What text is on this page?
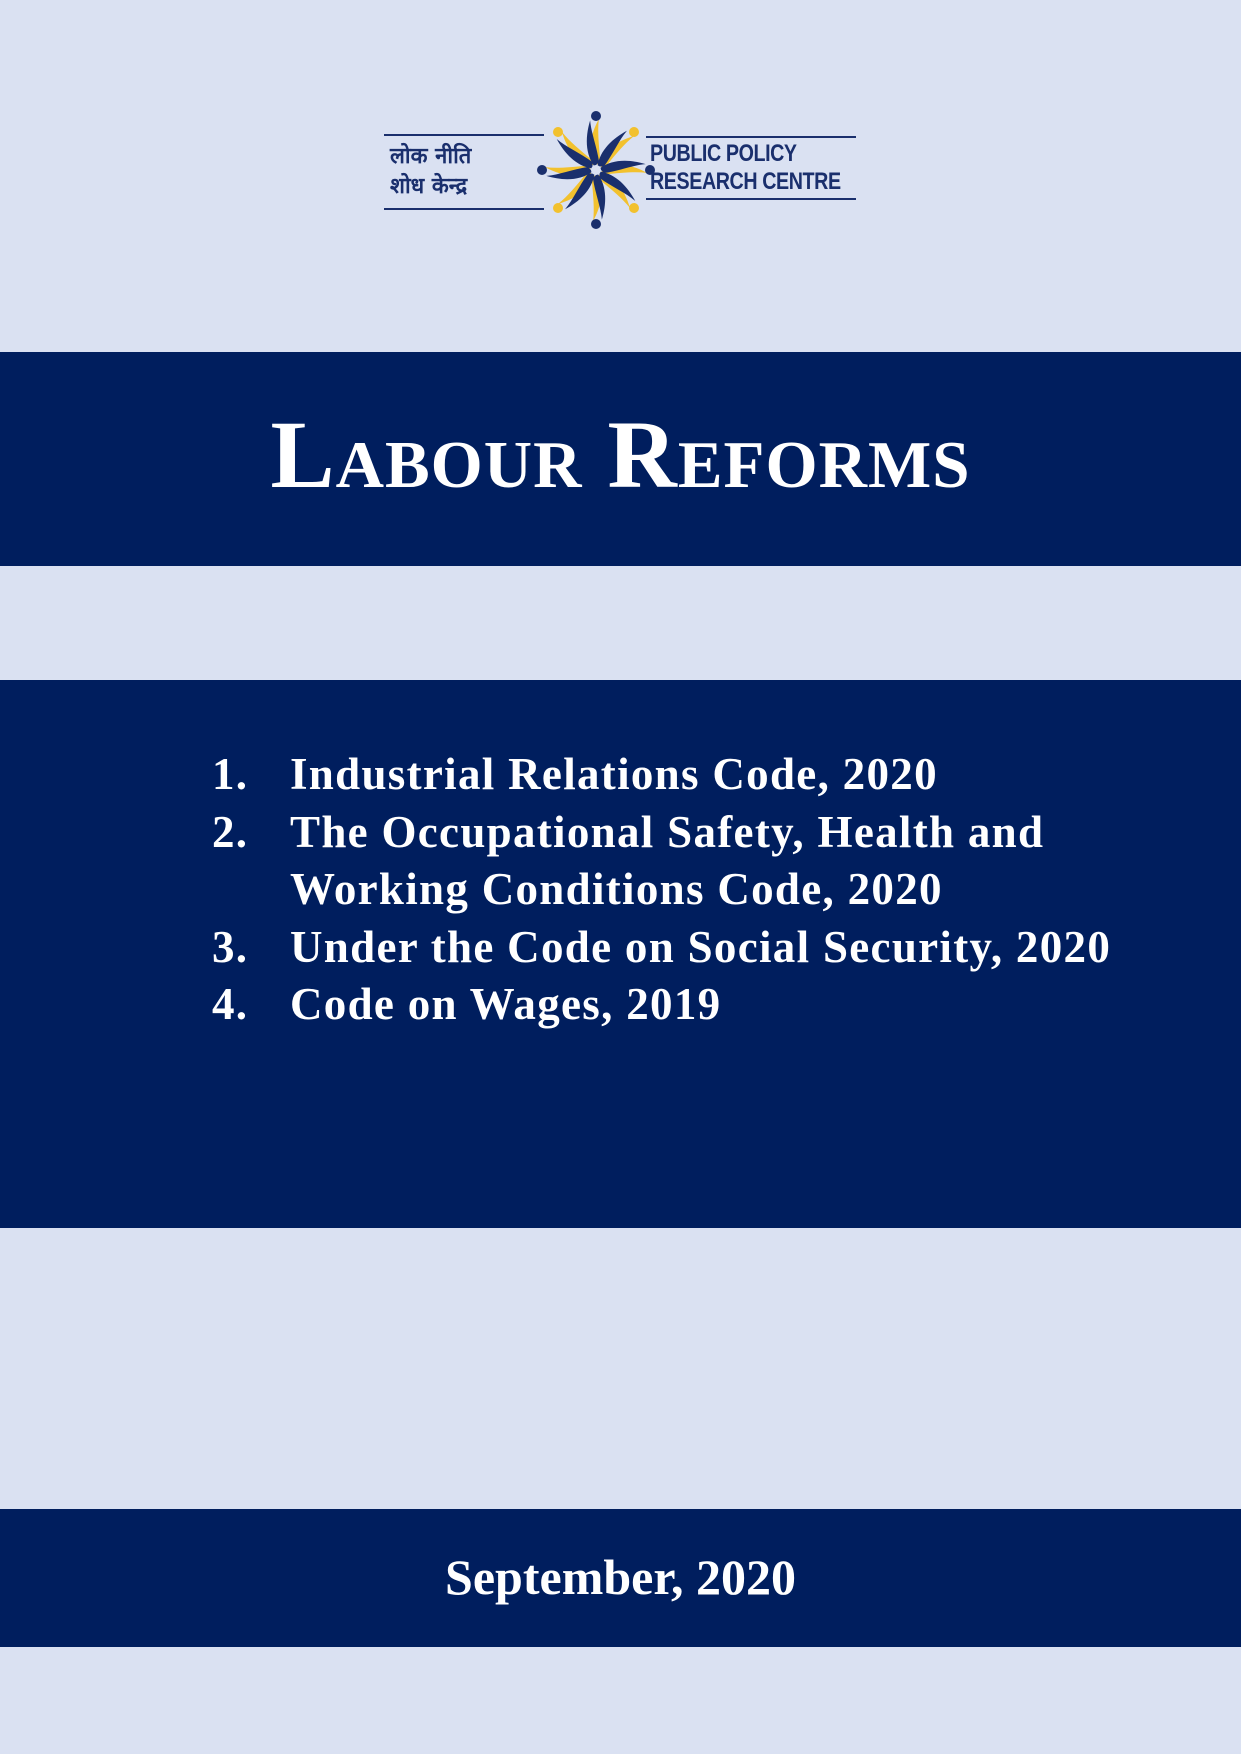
लोक नीति
शोध केन्द्र
PUBLIC POLICY
RESEARCH CENTRE
Labour Reforms
1. Industrial Relations Code, 2020
2. The Occupational Safety, Health and Working Conditions Code, 2020
3. Under the Code on Social Security, 2020
4. Code on Wages, 2019
September, 2020
